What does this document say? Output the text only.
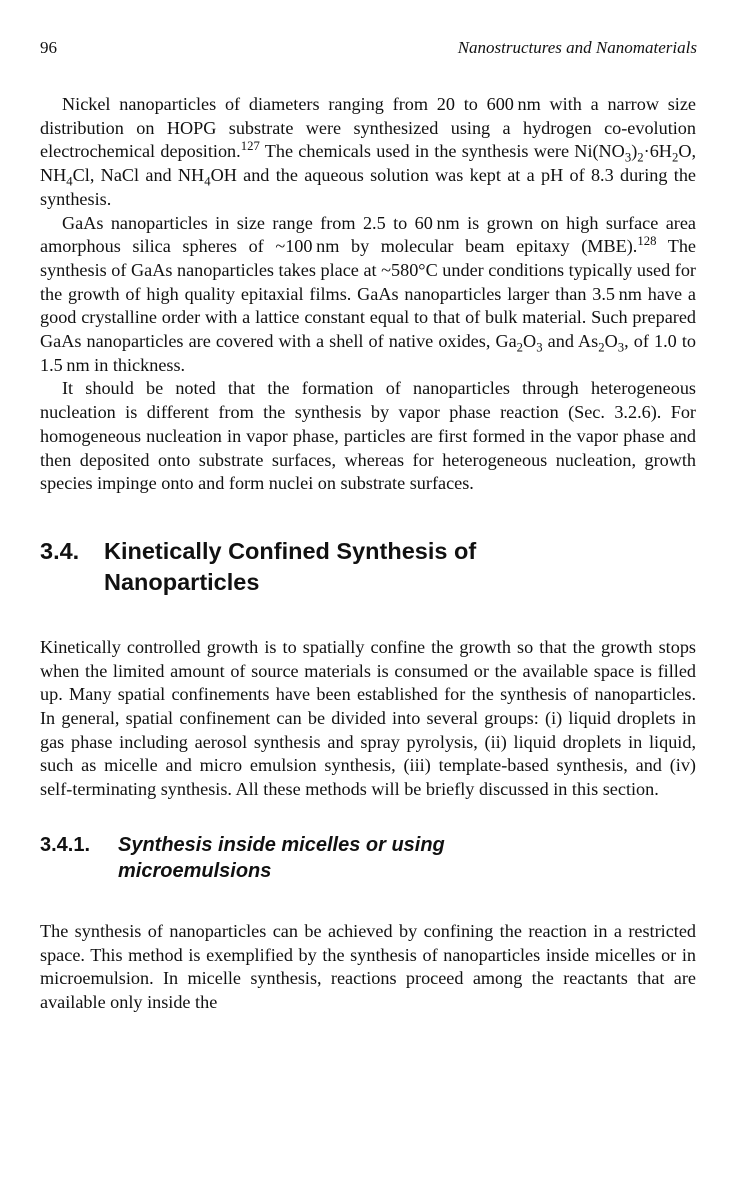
96	Nanostructures and Nanomaterials

Nickel nanoparticles of diameters ranging from 20 to 600 nm with a narrow size distribution on HOPG substrate were synthesized using a hydrogen co-evolution electrochemical deposition.$^{127}$ The chemicals used in the synthesis were $Ni(NO_3)_2\cdot 6H_2O$, $NH_4Cl$, NaCl and $NH_4OH$ and the aqueous solution was kept at a pH of 8.3 during the synthesis.

GaAs nanoparticles in size range from 2.5 to 60 nm is grown on high surface area amorphous silica spheres of ~100 nm by molecular beam epitaxy (MBE).$^{128}$ The synthesis of GaAs nanoparticles takes place at ~580°C under conditions typically used for the growth of high quality epitaxial films. GaAs nanoparticles larger than 3.5 nm have a good crystalline order with a lattice constant equal to that of bulk material. Such prepared GaAs nanoparticles are covered with a shell of native oxides, $Ga_2O_3$ and $As_2O_3$, of 1.0 to 1.5 nm in thickness.

It should be noted that the formation of nanoparticles through heterogeneous nucleation is different from the synthesis by vapor phase reaction (Sec. 3.2.6). For homogeneous nucleation in vapor phase, particles are first formed in the vapor phase and then deposited onto substrate surfaces, whereas for heterogeneous nucleation, growth species impinge onto and form nuclei on substrate surfaces.

3.4. Kinetically Confined Synthesis of
Nanoparticles

Kinetically controlled growth is to spatially confine the growth so that the growth stops when the limited amount of source materials is consumed or the available space is filled up. Many spatial confinements have been established for the synthesis of nanoparticles. In general, spatial confinement can be divided into several groups: (i) liquid droplets in gas phase including aerosol synthesis and spray pyrolysis, (ii) liquid droplets in liquid, such as micelle and micro emulsion synthesis, (iii) template-based synthesis, and (iv) self-terminating synthesis. All these methods will be briefly discussed in this section.

3.4.1. Synthesis inside micelles or using
microemulsions

The synthesis of nanoparticles can be achieved by confining the reaction in a restricted space. This method is exemplified by the synthesis of nanoparticles inside micelles or in microemulsion. In micelle synthesis, reactions proceed among the reactants that are available only inside the
